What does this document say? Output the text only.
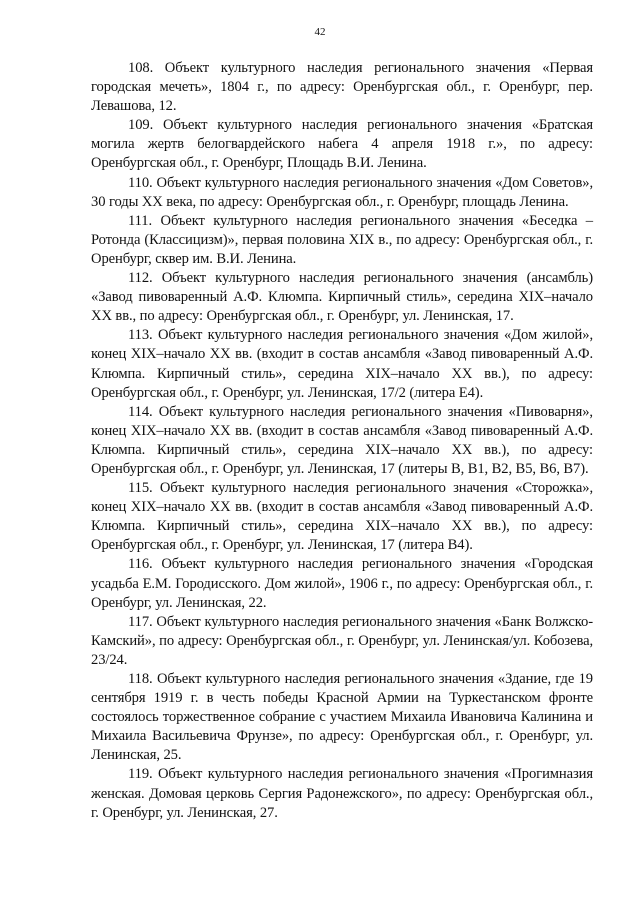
42

108. Объект культурного наследия регионального значения «Первая городская мечеть», 1804 г., по адресу: Оренбургская обл., г. Оренбург, пер. Левашова, 12.

109. Объект культурного наследия регионального значения «Братская могила жертв белогвардейского набега 4 апреля 1918 г.», по адресу: Оренбургская обл., г. Оренбург, Площадь В.И. Ленина.

110. Объект культурного наследия регионального значения «Дом Советов», 30 годы XX века, по адресу: Оренбургская обл., г. Оренбург, площадь Ленина.

111. Объект культурного наследия регионального значения «Беседка – Ротонда (Классицизм)», первая половина XIX в., по адресу: Оренбургская обл., г. Оренбург, сквер им. В.И. Ленина.

112. Объект культурного наследия регионального значения (ансамбль) «Завод пивоваренный А.Ф. Клюмпа. Кирпичный стиль», середина XIX–начало XX вв., по адресу: Оренбургская обл., г. Оренбург, ул. Ленинская, 17.

113. Объект культурного наследия регионального значения «Дом жилой», конец XIX–начало XX вв. (входит в состав ансамбля «Завод пивоваренный А.Ф. Клюмпа. Кирпичный стиль», середина XIX–начало XX вв.), по адресу: Оренбургская обл., г. Оренбург, ул. Ленинская, 17/2 (литера Е4).

114. Объект культурного наследия регионального значения «Пивоварня», конец XIX–начало XX вв. (входит в состав ансамбля «Завод пивоваренный А.Ф. Клюмпа. Кирпичный стиль», середина XIX–начало XX вв.), по адресу: Оренбургская обл., г. Оренбург, ул. Ленинская, 17 (литеры В, В1, В2, В5, В6, В7).

115. Объект культурного наследия регионального значения «Сторожка», конец XIX–начало XX вв. (входит в состав ансамбля «Завод пивоваренный А.Ф. Клюмпа. Кирпичный стиль», середина XIX–начало XX вв.), по адресу: Оренбургская обл., г. Оренбург, ул. Ленинская, 17 (литера В4).

116. Объект культурного наследия регионального значения «Городская усадьба Е.М. Городисского. Дом жилой», 1906 г., по адресу: Оренбургская обл., г. Оренбург, ул. Ленинская, 22.

117. Объект культурного наследия регионального значения «Банк Волжско-Камский», по адресу: Оренбургская обл., г. Оренбург, ул. Ленинская/ул. Кобозева, 23/24.

118. Объект культурного наследия регионального значения «Здание, где 19 сентября 1919 г. в честь победы Красной Армии на Туркестанском фронте состоялось торжественное собрание с участием Михаила Ивановича Калинина и Михаила Васильевича Фрунзе», по адресу: Оренбургская обл., г. Оренбург, ул. Ленинская, 25.

119. Объект культурного наследия регионального значения «Прогимназия женская. Домовая церковь Сергия Радонежского», по адресу: Оренбургская обл., г. Оренбург, ул. Ленинская, 27.
